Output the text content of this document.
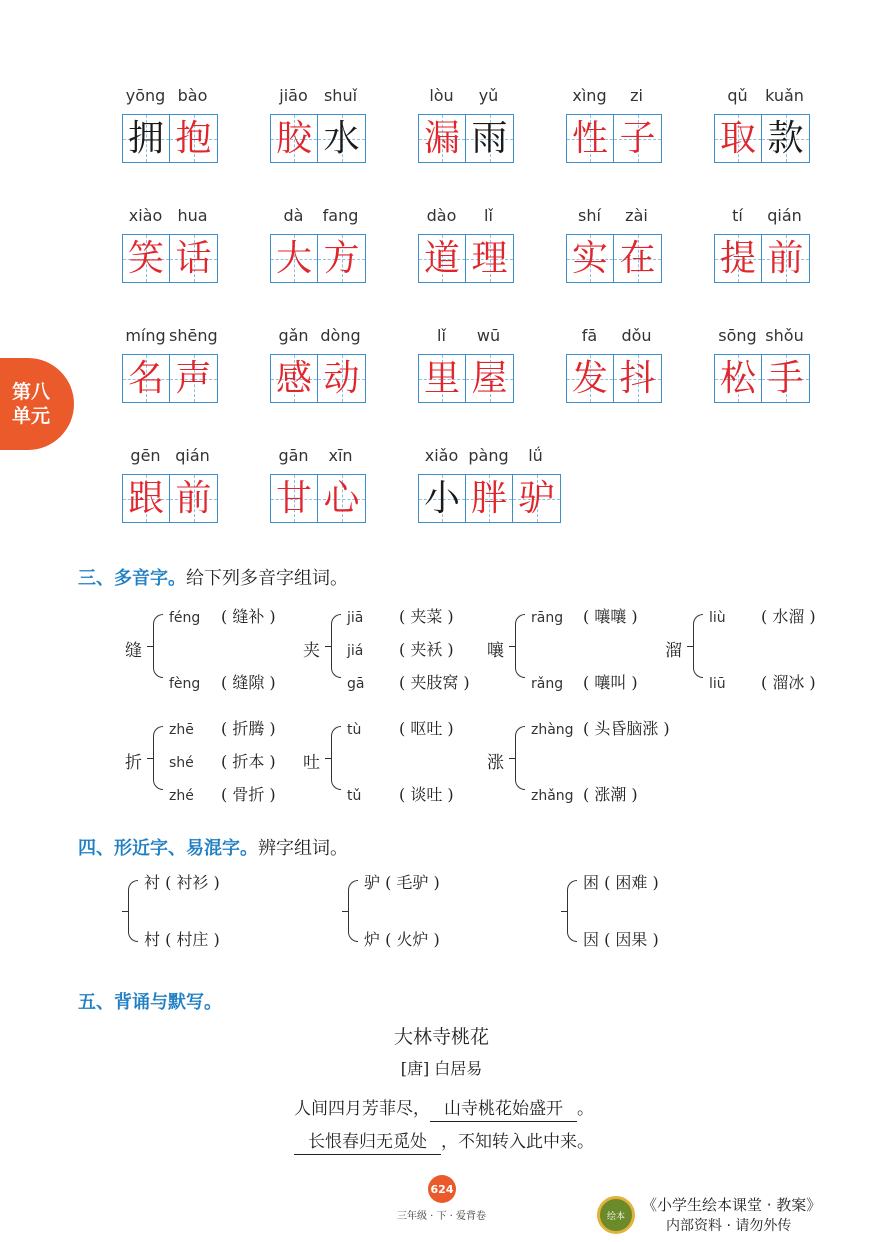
第八
单元
yōng bào
拥 抱
jiāo	shuǐ
胶 水
lòu	yǔ
漏 雨
xìng	zi
性 子
qǔ	kuǎn
取 款
xiào hua
笑 话
dà	fang
大 方
dào	lǐ
道 理
shí	zài
实 在
tí	qián
提 前
míng shēng
名 声
gǎn dòng
感 动
lǐ	wū
里 屋
fā	dǒu
发 抖
sōng shǒu
松 手
gēn qián
跟 前
gān	xīn
甘 心
xiǎo pàng	lǘ
小 胖 驴
三、多音字。给下列多音字组词。
缝
féng	( 缝补 )
fèng	( 缝隙 )
夹
jiā	( 夹菜 )
jiá	( 夹袄 )
gā	( 夹肢窝 )
嚷
rāng	( 嚷嚷 )
rǎng	( 嚷叫 )
溜
liù	( 水溜 )
liū	( 溜冰 )
折
zhē	( 折腾 )
shé	( 折本 )
zhé	( 骨折 )
吐
tù	( 呕吐 )
tǔ	( 谈吐 )
涨
zhàng ( 头昏脑涨 )
zhǎng ( 涨潮 )
四、形近字、易混字。辨字组词。
衬 ( 衬衫 )
村 ( 村庄 )
驴 ( 毛驴 )
炉 ( 火炉 )
困 ( 困难 )
因 ( 因果 )
五、背诵与默写。
大林寺桃花
[唐] 白居易
人间四月芳菲尽， 山寺桃花始盛开 。
长恨春归无觅处 ，不知转入此中来。
624
三年级 · 下 · 爱背卷	绘本
《小学生绘本课堂 · 教案》
内部资料 · 请勿外传
